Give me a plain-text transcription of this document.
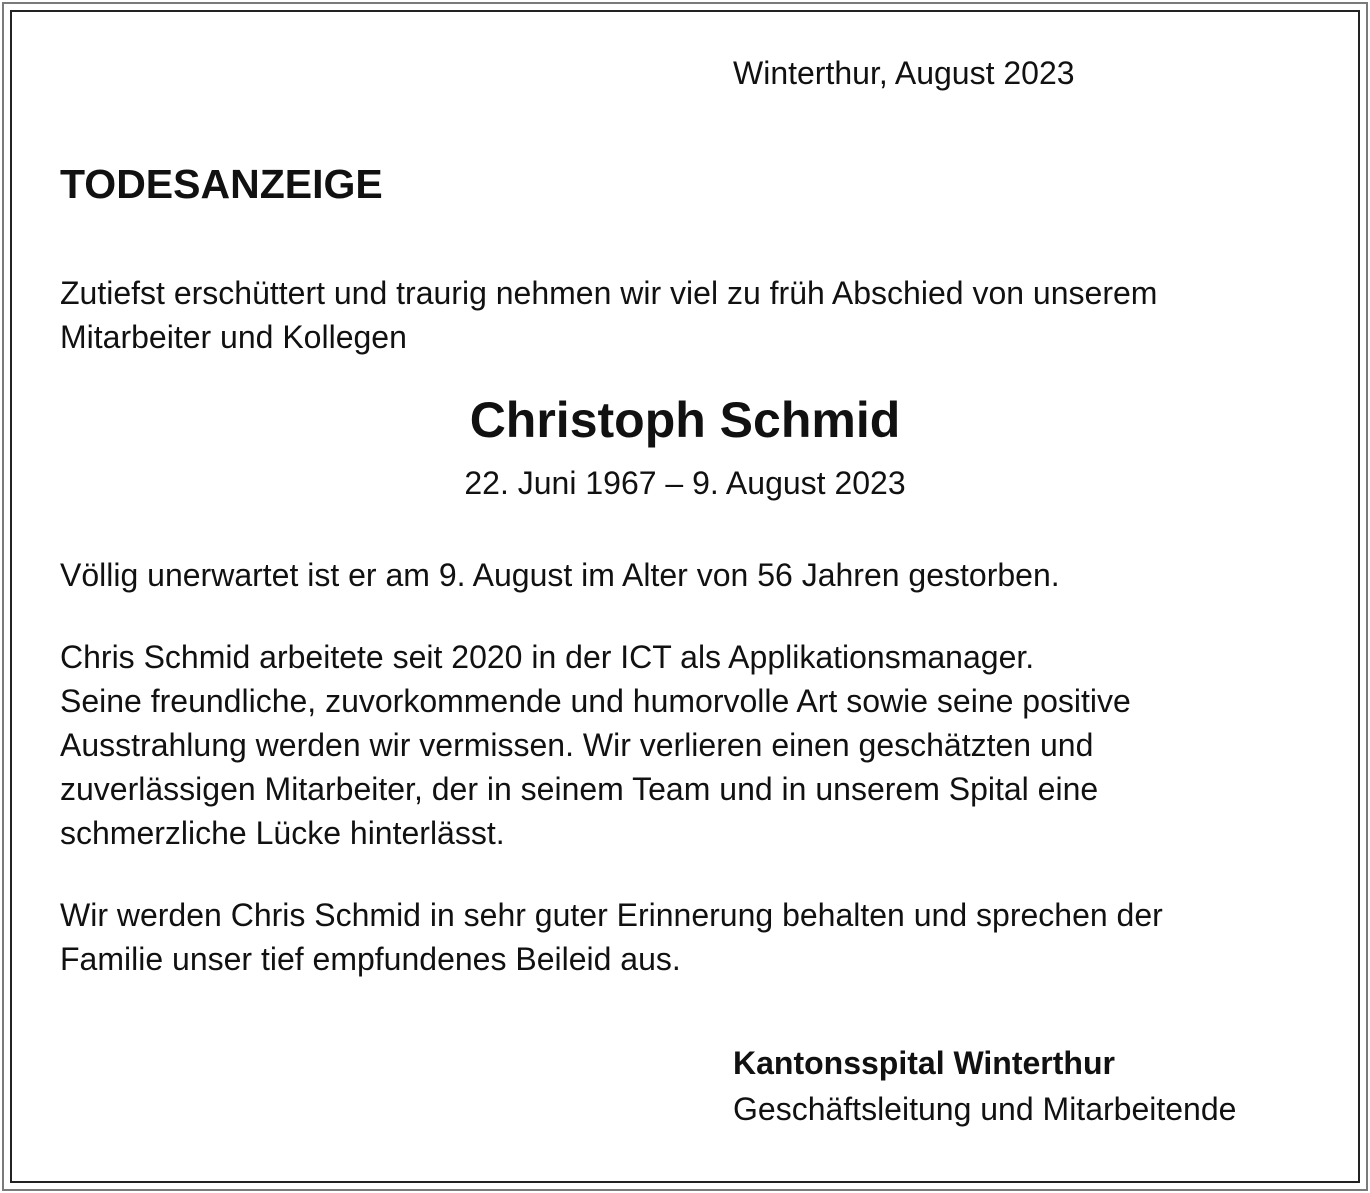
Winterthur, August 2023

TODESANZEIGE

Zutiefst erschüttert und traurig nehmen wir viel zu früh Abschied von unserem
Mitarbeiter und Kollegen

Christoph Schmid
22. Juni 1967 – 9. August 2023

Völlig unerwartet ist er am 9. August im Alter von 56 Jahren gestorben.

Chris Schmid arbeitete seit 2020 in der ICT als Applikationsmanager.
Seine freundliche, zuvorkommende und humorvolle Art sowie seine positive
Ausstrahlung werden wir vermissen. Wir verlieren einen geschätzten und
zuverlässigen Mitarbeiter, der in seinem Team und in unserem Spital eine
schmerzliche Lücke hinterlässt.

Wir werden Chris Schmid in sehr guter Erinnerung behalten und sprechen der
Familie unser tief empfundenes Beileid aus.

Kantonsspital Winterthur

Geschäftsleitung und Mitarbeitende
